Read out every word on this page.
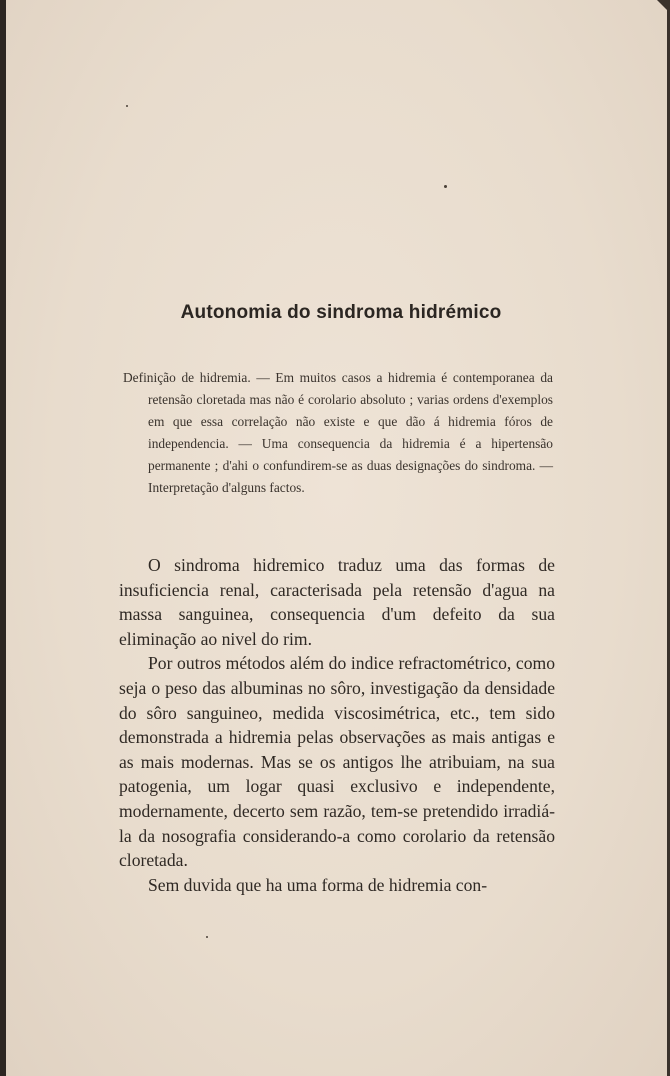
Autonomia do sindroma hidrémico
Definição de hidremia. — Em muitos casos a hidremia é contemporanea da retensão cloretada mas não é corolario absoluto ; varias ordens d'exemplos em que essa correlação não existe e que dão á hidremia fóros de independencia. — Uma consequencia da hidremia é a hipertensão permanente ; d'ahi o confundirem-se as duas designações do sindroma. — Interpretação d'alguns factos.

O sindroma hidremico traduz uma das formas de insuficiencia renal, caracterisada pela retensão d'agua na massa sanguinea, consequencia d'um defeito da sua eliminação ao nivel do rim.

Por outros métodos além do indice refractométrico, como seja o peso das albuminas no sôro, investigação da densidade do sôro sanguineo, medida viscosimétrica, etc., tem sido demonstrada a hidremia pelas observações as mais antigas e as mais modernas. Mas se os antigos lhe atribuiam, na sua patogenia, um logar quasi exclusivo e independente, modernamente, decerto sem razão, tem-se pretendido irradiá-la da nosografia considerando-a como corolario da retensão cloretada.

Sem duvida que ha uma forma de hidremia con-
